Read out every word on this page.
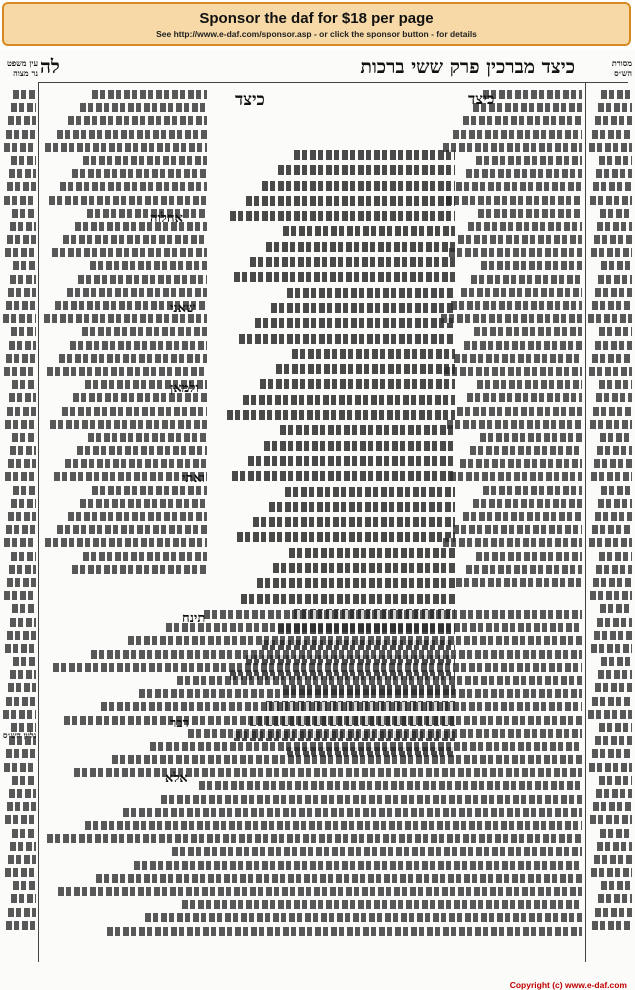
Sponsor the daf for $18 per page
See http://www.e-daf.com/sponsor.asp - or click the sponsor button - for details
לה	כיצד מברכין פרק ששי ברכות
עין משפט
נר מצוה
מסורת
הש״ס
כיצד
כיצד
אחלוה
שאני
ולמאן
ואתי
תינח
דבר
אלא
גליון הש״ס
Copyright (c) www.e-daf.com
